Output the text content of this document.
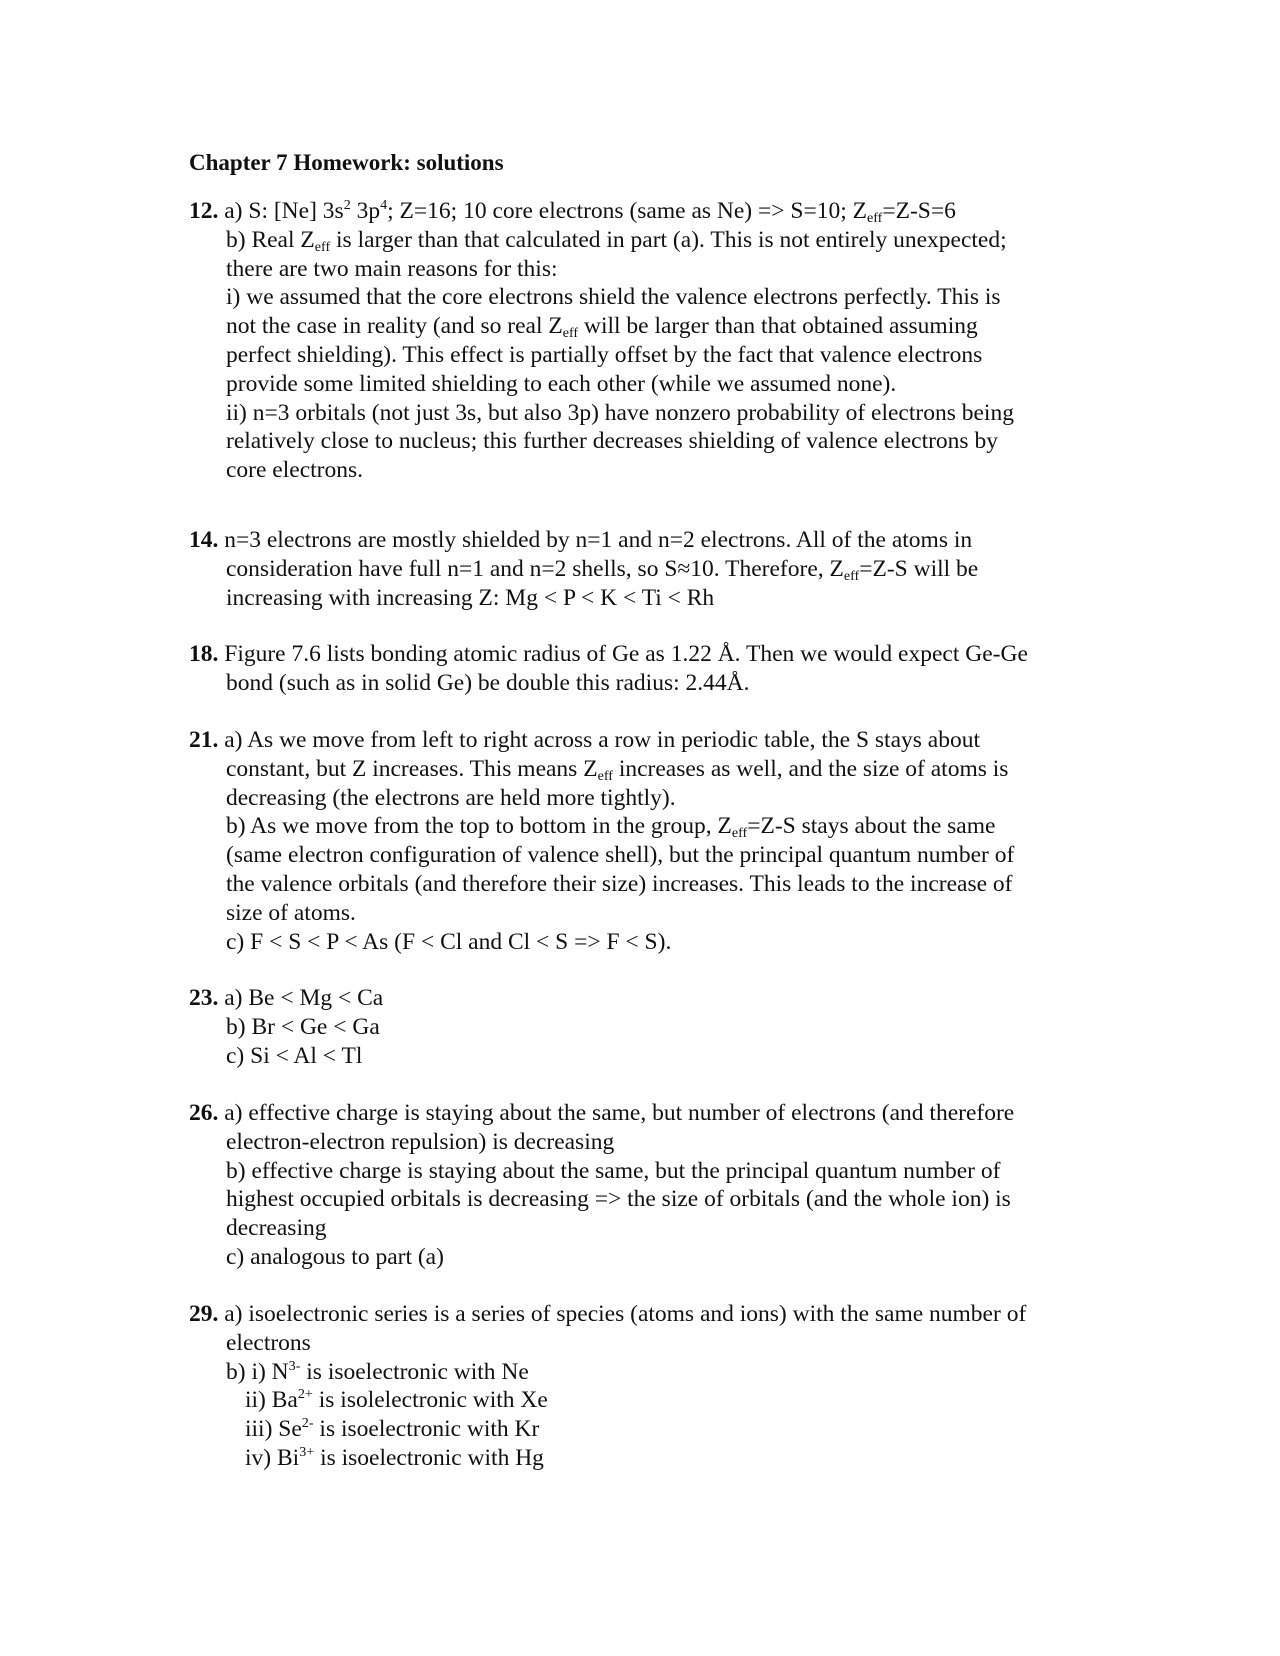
Chapter 7 Homework: solutions
12. a) S: [Ne] $3s^2$ $3p^4$; Z=16; 10 core electrons (same as Ne) => S=10; $Z_{eff}=Z-S=6$
b) Real $Z_{eff}$ is larger than that calculated in part (a). This is not entirely unexpected;
there are two main reasons for this:
i) we assumed that the core electrons shield the valence electrons perfectly. This is
not the case in reality (and so real $Z_{eff}$ will be larger than that obtained assuming
perfect shielding). This effect is partially offset by the fact that valence electrons
provide some limited shielding to each other (while we assumed none).
ii) n=3 orbitals (not just 3s, but also 3p) have nonzero probability of electrons being
relatively close to nucleus; this further decreases shielding of valence electrons by
core electrons.
14. n=3 electrons are mostly shielded by n=1 and n=2 electrons. All of the atoms in
consideration have full n=1 and n=2 shells, so S≈10. Therefore, $Z_{eff}=Z-S$ will be
increasing with increasing Z: Mg < P < K < Ti < Rh
18. Figure 7.6 lists bonding atomic radius of Ge as 1.22 Å. Then we would expect Ge-Ge
bond (such as in solid Ge) be double this radius: 2.44Å.
21. a) As we move from left to right across a row in periodic table, the S stays about
constant, but Z increases. This means $Z_{eff}$ increases as well, and the size of atoms is
decreasing (the electrons are held more tightly).
b) As we move from the top to bottom in the group, $Z_{eff}=Z-S$ stays about the same
(same electron configuration of valence shell), but the principal quantum number of
the valence orbitals (and therefore their size) increases. This leads to the increase of
size of atoms.
c) F < S < P < As (F < Cl and Cl < S => F < S).
23. a) Be < Mg < Ca
b) Br < Ge < Ga
c) Si < Al < Tl
26. a) effective charge is staying about the same, but number of electrons (and therefore
electron-electron repulsion) is decreasing
b) effective charge is staying about the same, but the principal quantum number of
highest occupied orbitals is decreasing => the size of orbitals (and the whole ion) is
decreasing
c) analogous to part (a)
29. a) isoelectronic series is a series of species (atoms and ions) with the same number of
electrons
b) i) $N^{3-}$ is isoelectronic with Ne
ii) $Ba^{2+}$ is isolelectronic with Xe
iii) $Se^{2-}$ is isoelectronic with Kr
iv) $Bi^{3+}$ is isoelectronic with Hg
